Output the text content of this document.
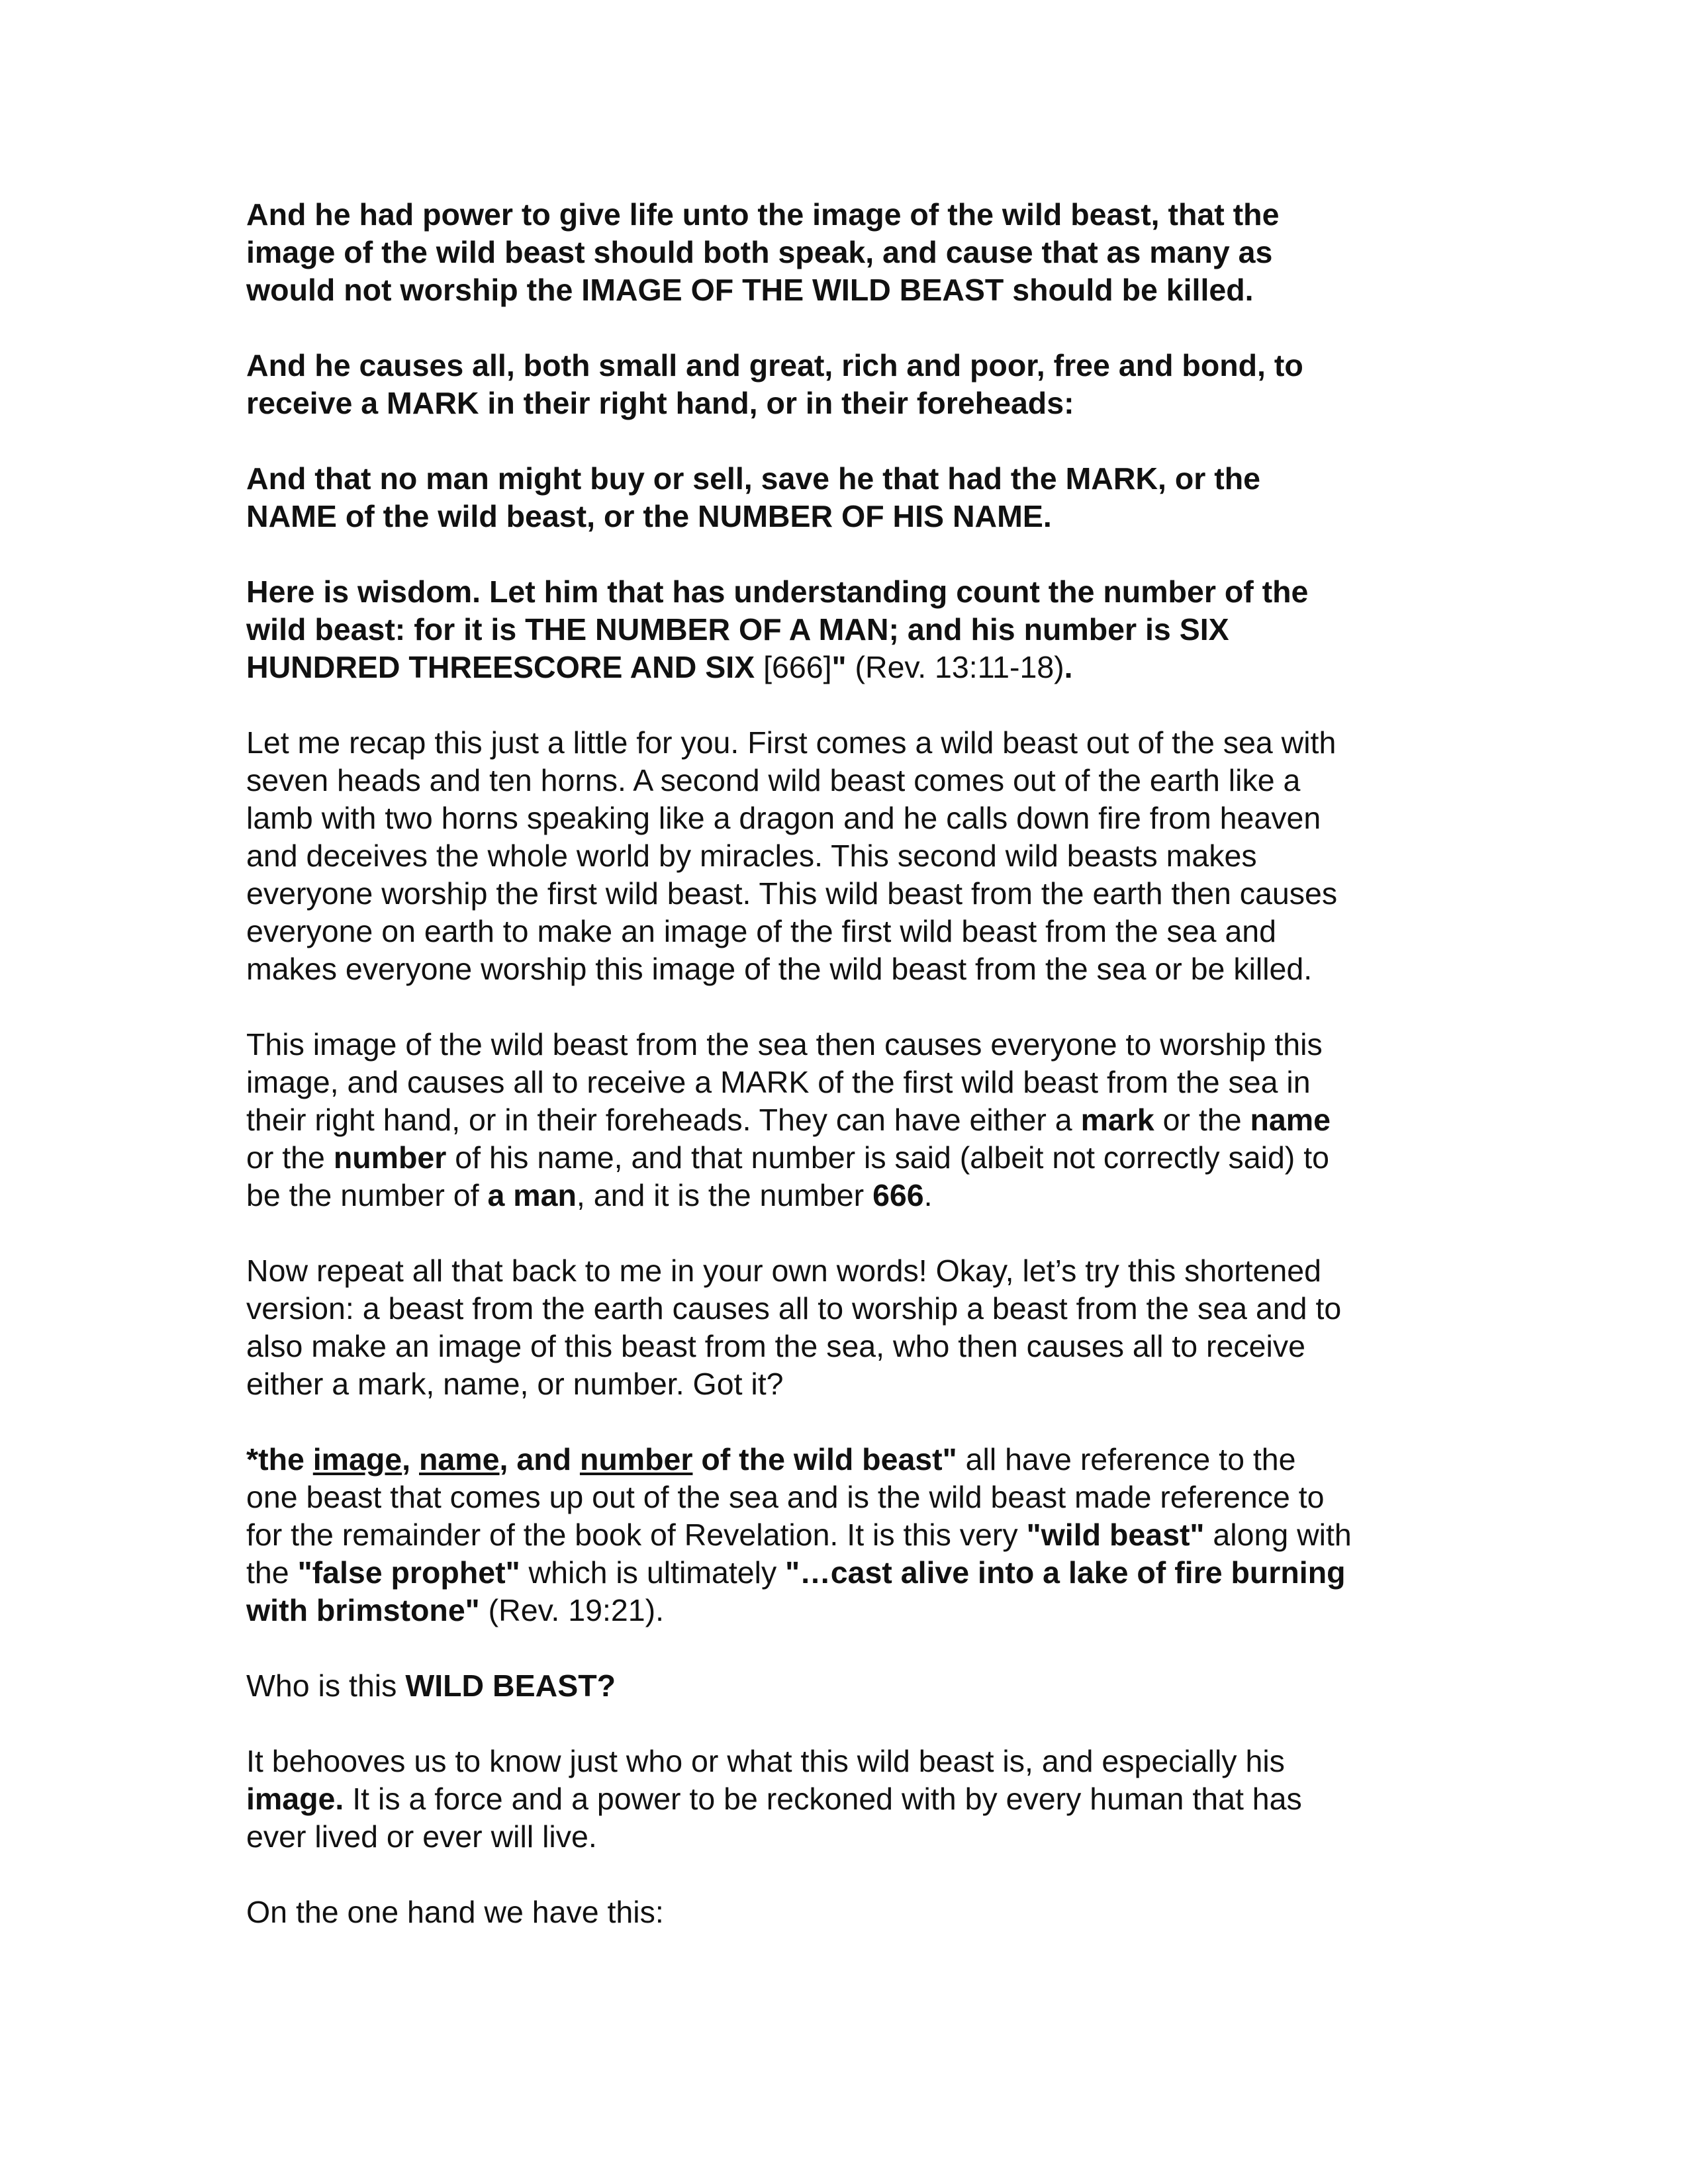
And he had power to give life unto the image of the wild beast, that the
image of the wild beast should both speak, and cause that as many as
would not worship the IMAGE OF THE WILD BEAST should be killed.
And he causes all, both small and great, rich and poor, free and bond, to
receive a MARK in their right hand, or in their foreheads:
And that no man might buy or sell, save he that had the MARK, or the
NAME of the wild beast, or the NUMBER OF HIS NAME.
Here is wisdom. Let him that has understanding count the number of the
wild beast: for it is THE NUMBER OF A MAN; and his number is SIX
HUNDRED THREESCORE AND SIX [666]" (Rev. 13:11-18).
Let me recap this just a little for you. First comes a wild beast out of the sea with
seven heads and ten horns. A second wild beast comes out of the earth like a
lamb with two horns speaking like a dragon and he calls down fire from heaven
and deceives the whole world by miracles. This second wild beasts makes
everyone worship the first wild beast. This wild beast from the earth then causes
everyone on earth to make an image of the first wild beast from the sea and
makes everyone worship this image of the wild beast from the sea or be killed.
This image of the wild beast from the sea then causes everyone to worship this
image, and causes all to receive a MARK of the first wild beast from the sea in
their right hand, or in their foreheads. They can have either a mark or the name
or the number of his name, and that number is said (albeit not correctly said) to
be the number of a man, and it is the number 666.
Now repeat all that back to me in your own words! Okay, let’s try this shortened
version: a beast from the earth causes all to worship a beast from the sea and to
also make an image of this beast from the sea, who then causes all to receive
either a mark, name, or number. Got it?
*the image, name, and number of the wild beast" all have reference to the
one beast that comes up out of the sea and is the wild beast made reference to
for the remainder of the book of Revelation. It is this very "wild beast" along with
the "false prophet" which is ultimately "…cast alive into a lake of fire burning
with brimstone" (Rev. 19:21).
Who is this WILD BEAST?
It behooves us to know just who or what this wild beast is, and especially his
image. It is a force and a power to be reckoned with by every human that has
ever lived or ever will live.
On the one hand we have this:
